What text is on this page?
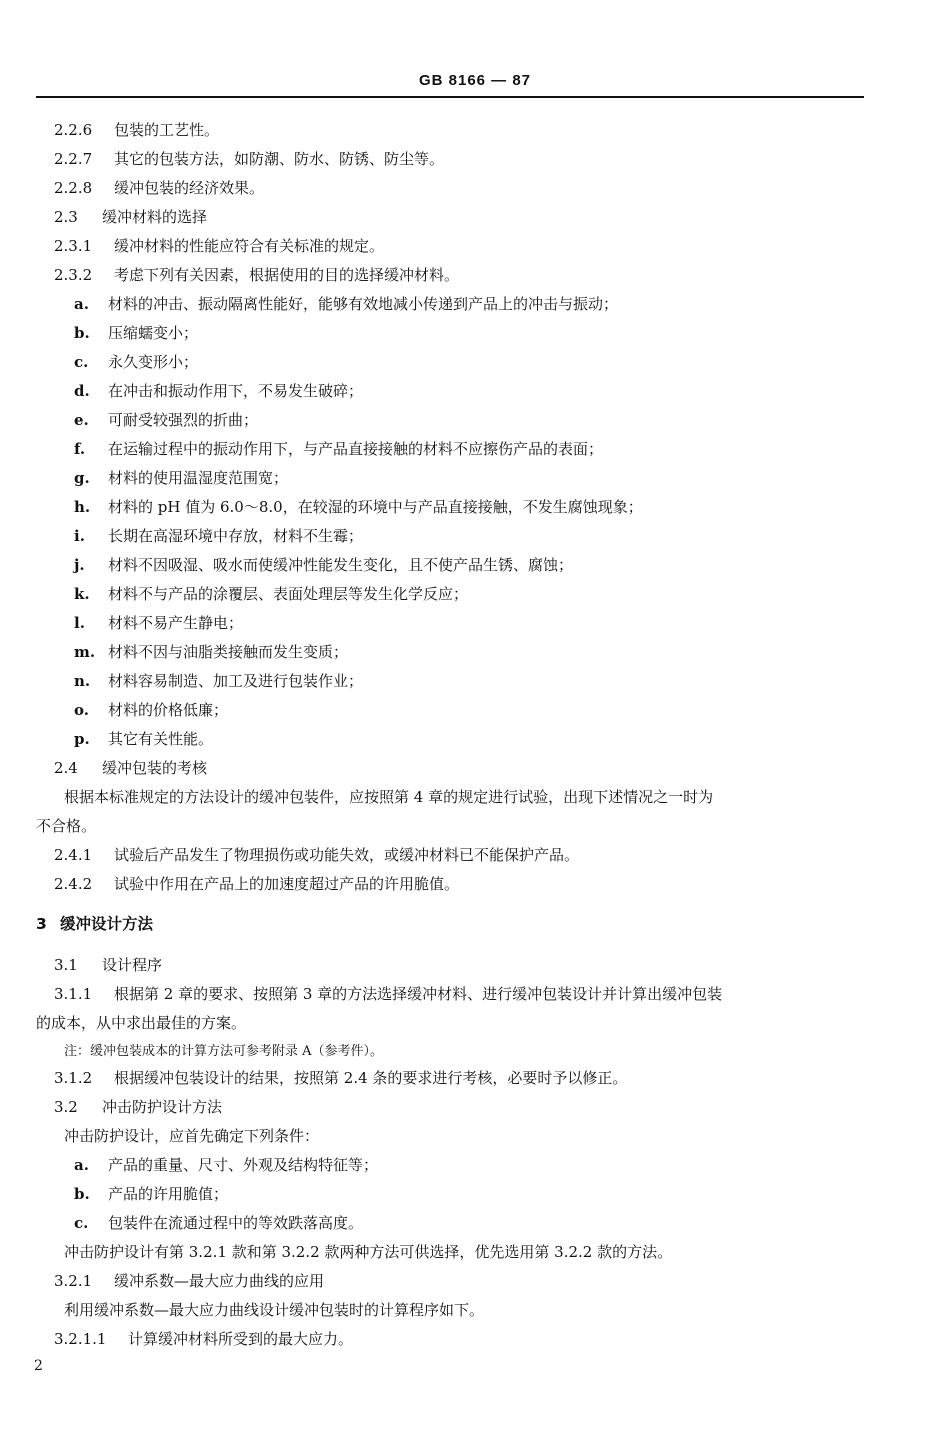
GB 8166 — 87
2.2.6 包装的工艺性。
2.2.7 其它的包装方法，如防潮、防水、防锈、防尘等。
2.2.8 缓冲包装的经济效果。
2.3 缓冲材料的选择
2.3.1 缓冲材料的性能应符合有关标准的规定。
2.3.2 考虑下列有关因素，根据使用的目的选择缓冲材料。
a. 材料的冲击、振动隔离性能好，能够有效地减小传递到产品上的冲击与振动；
b. 压缩蠕变小；
c. 永久变形小；
d. 在冲击和振动作用下，不易发生破碎；
e. 可耐受较强烈的折曲；
f. 在运输过程中的振动作用下，与产品直接接触的材料不应擦伤产品的表面；
g. 材料的使用温湿度范围宽；
h. 材料的 pH 值为 6.0～8.0，在较湿的环境中与产品直接接触，不发生腐蚀现象；
i. 长期在高湿环境中存放，材料不生霉；
j. 材料不因吸湿、吸水而使缓冲性能发生变化，且不使产品生锈、腐蚀；
k. 材料不与产品的涂覆层、表面处理层等发生化学反应；
l. 材料不易产生静电；
m. 材料不因与油脂类接触而发生变质；
n. 材料容易制造、加工及进行包装作业；
o. 材料的价格低廉；
p. 其它有关性能。
2.4 缓冲包装的考核
根据本标准规定的方法设计的缓冲包装件，应按照第 4 章的规定进行试验，出现下述情况之一时为
不合格。
2.4.1 试验后产品发生了物理损伤或功能失效，或缓冲材料已不能保护产品。
2.4.2 试验中作用在产品上的加速度超过产品的许用脆值。
3 缓冲设计方法
3.1 设计程序
3.1.1 根据第 2 章的要求、按照第 3 章的方法选择缓冲材料、进行缓冲包装设计并计算出缓冲包装
的成本，从中求出最佳的方案。
注：缓冲包装成本的计算方法可参考附录 A（参考件）。
3.1.2 根据缓冲包装设计的结果，按照第 2.4 条的要求进行考核，必要时予以修正。
3.2 冲击防护设计方法
冲击防护设计，应首先确定下列条件：
a. 产品的重量、尺寸、外观及结构特征等；
b. 产品的许用脆值；
c. 包装件在流通过程中的等效跌落高度。
冲击防护设计有第 3.2.1 款和第 3.2.2 款两种方法可供选择，优先选用第 3.2.2 款的方法。
3.2.1 缓冲系数—最大应力曲线的应用
利用缓冲系数—最大应力曲线设计缓冲包装时的计算程序如下。
3.2.1.1 计算缓冲材料所受到的最大应力。
2
